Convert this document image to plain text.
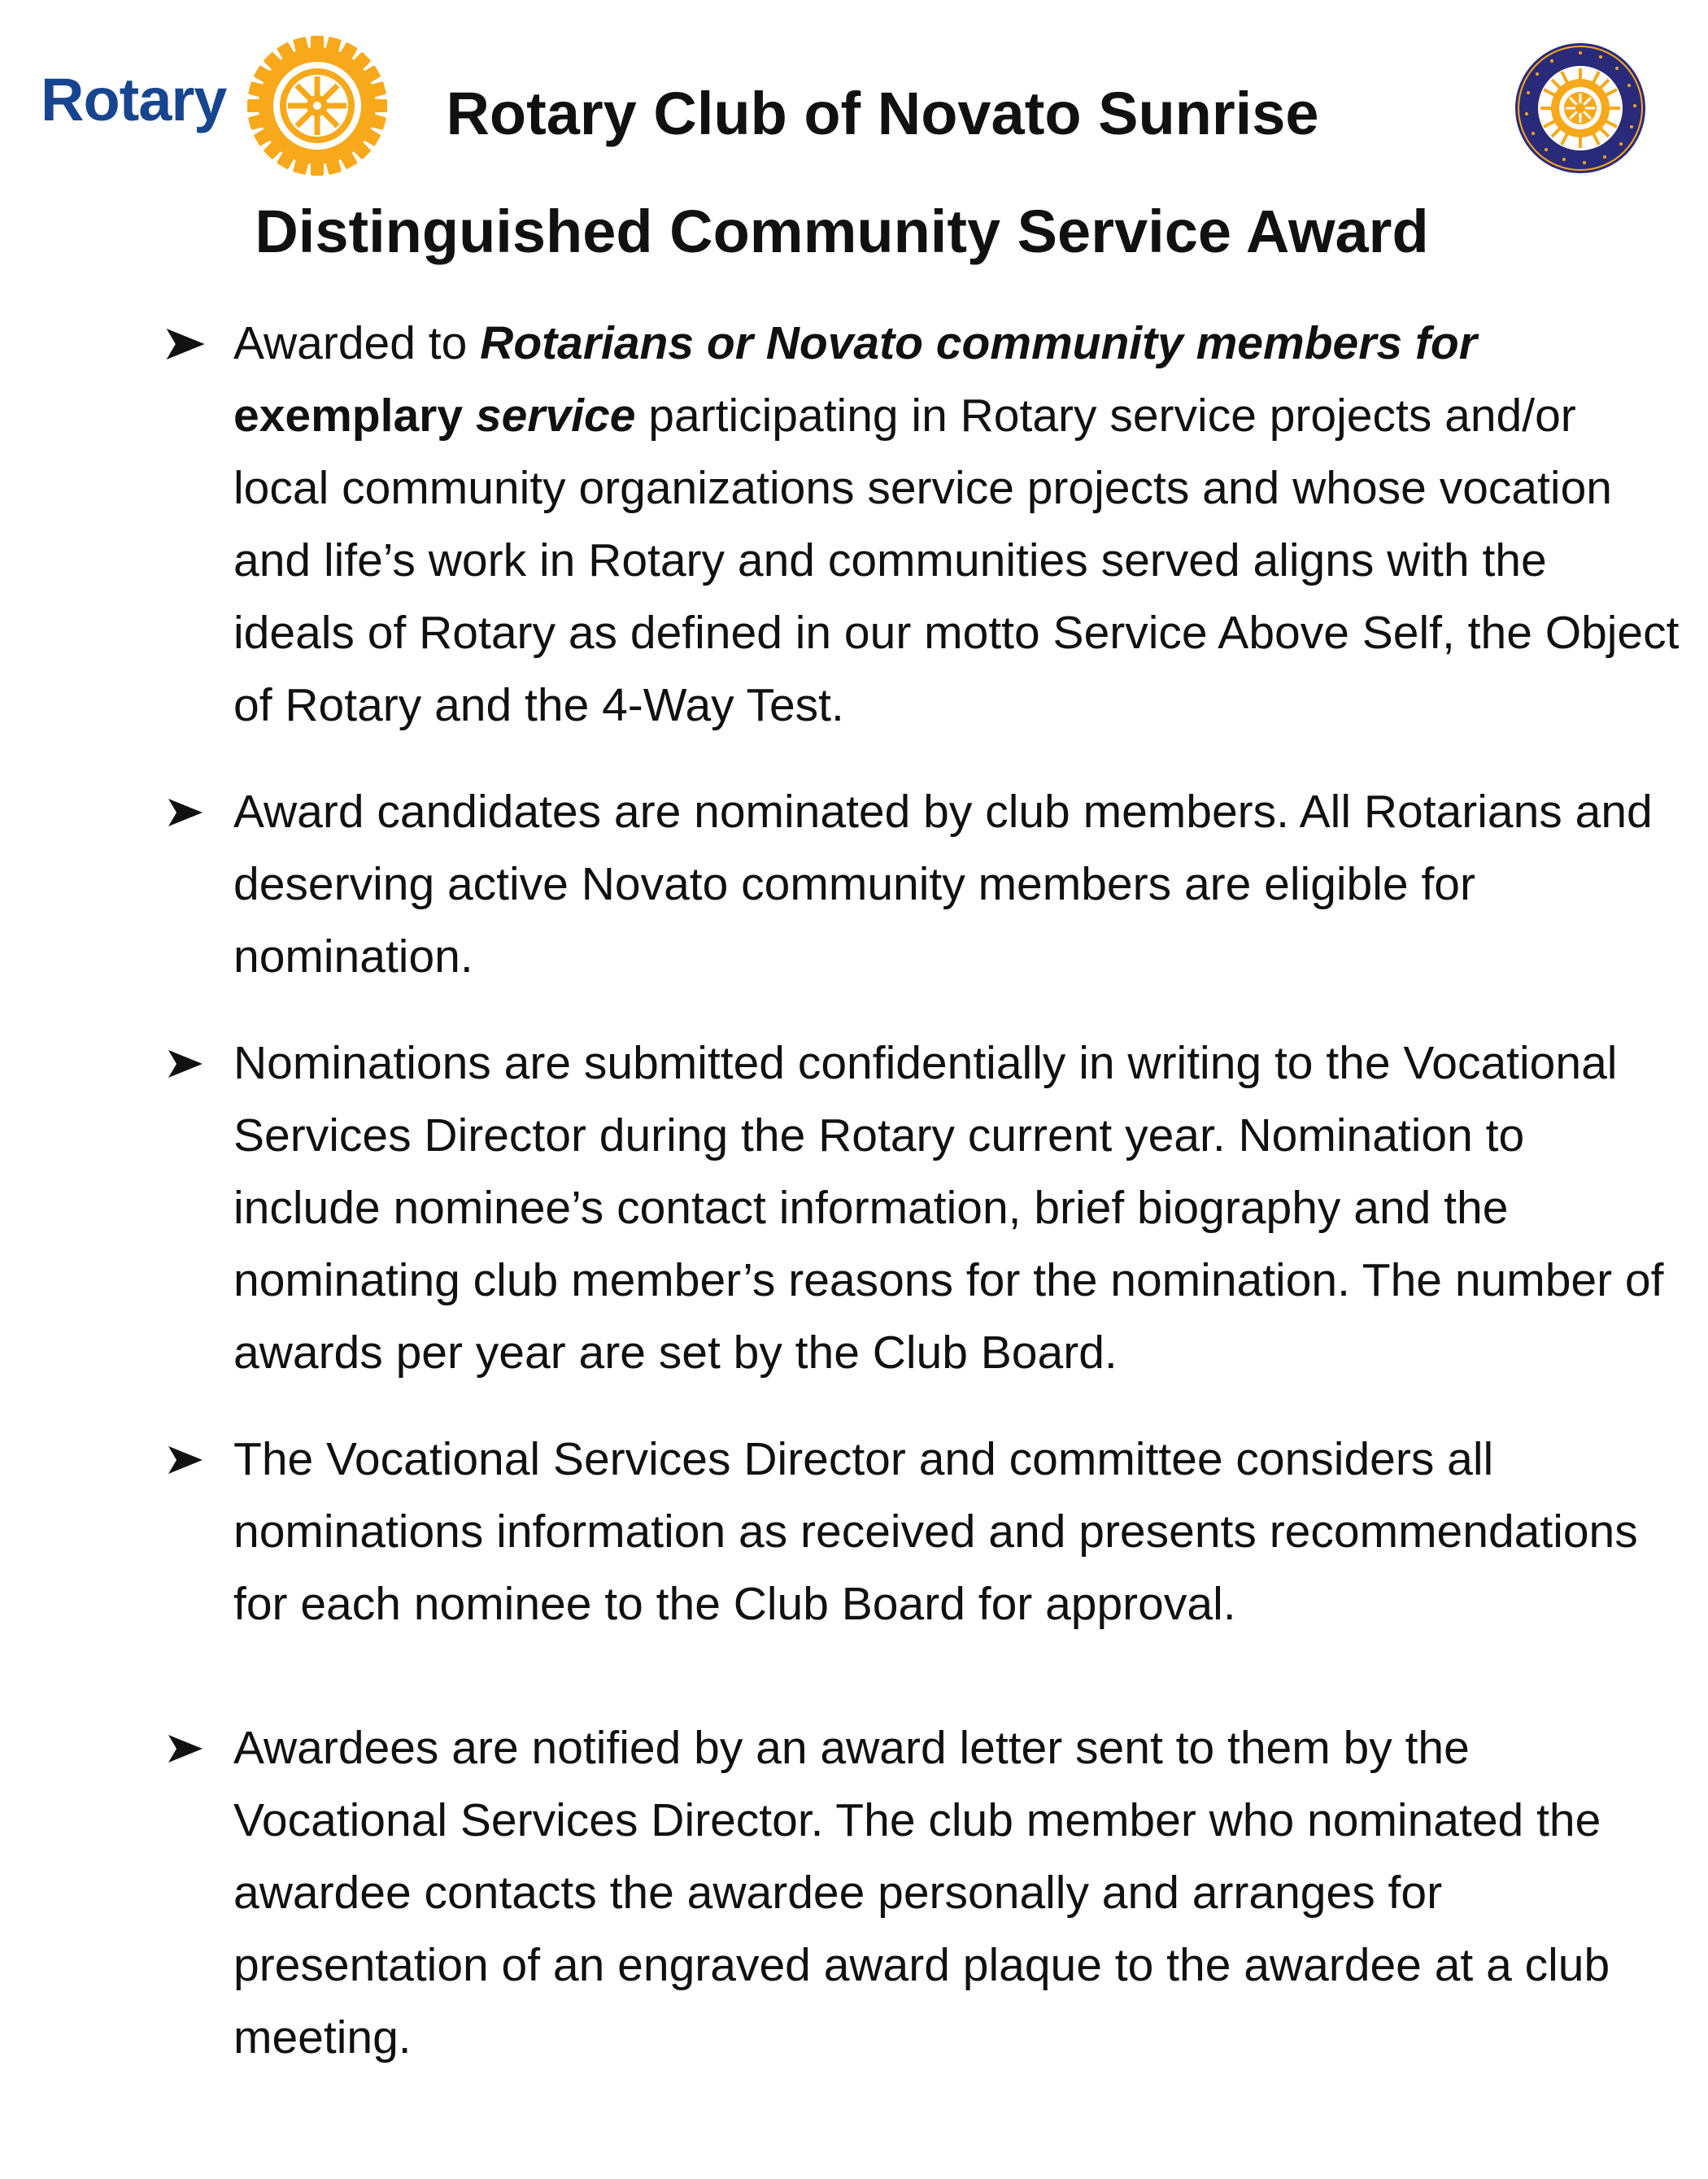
Rotary	Rotary Club of Novato Sunrise
Distinguished Community Service Award
Awarded to Rotarians or Novato community members for exemplary service participating in Rotary service projects and/or local community organizations service projects and whose vocation and life’s work in Rotary and communities served aligns with the ideals of Rotary as defined in our motto Service Above Self, the Object of Rotary and the 4-Way Test.
Award candidates are nominated by club members. All Rotarians and deserving active Novato community members are eligible for nomination.
Nominations are submitted confidentially in writing to the Vocational Services Director during the Rotary current year. Nomination to include nominee’s contact information, brief biography and the nominating club member’s reasons for the nomination. The number of awards per year are set by the Club Board.
The Vocational Services Director and committee considers all nominations information as received and presents recommendations for each nominee to the Club Board for approval.
Awardees are notified by an award letter sent to them by the Vocational Services Director. The club member who nominated the awardee contacts the awardee personally and arranges for presentation of an engraved award plaque to the awardee at a club meeting.
